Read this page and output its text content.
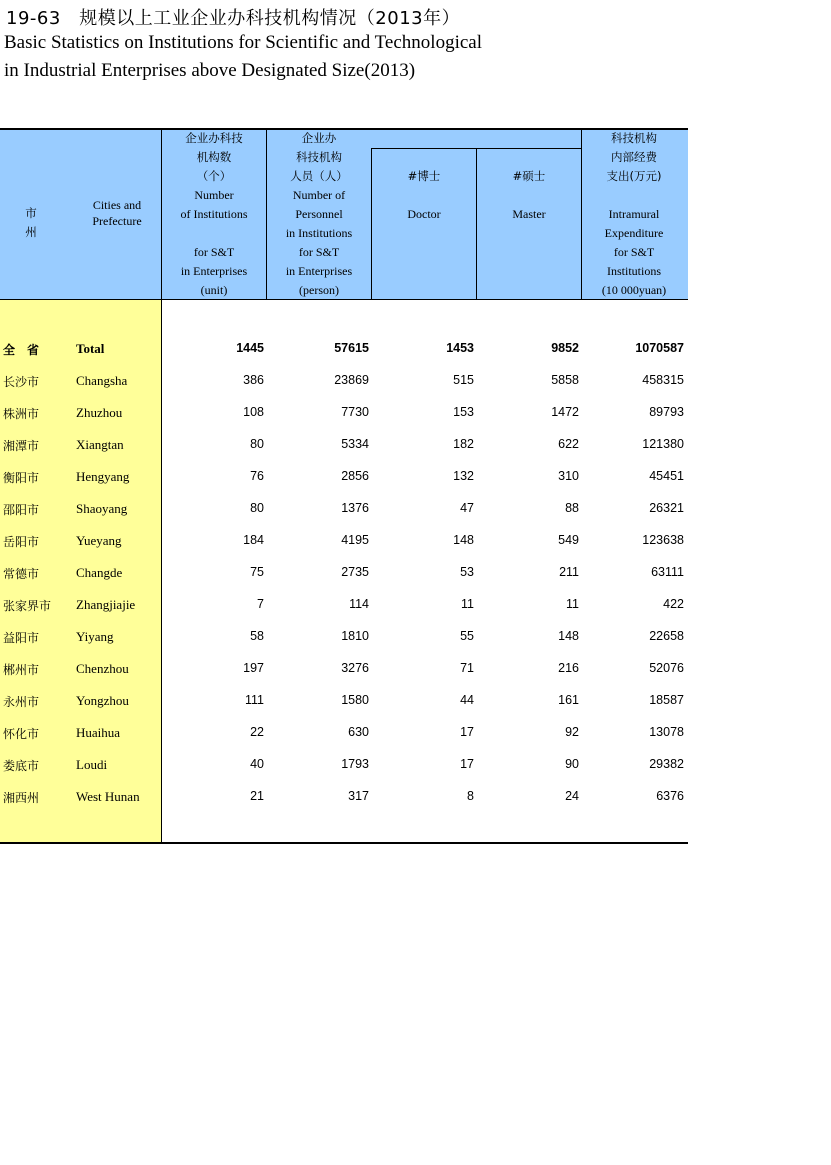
19-63　规模以上工业企业办科技机构情况（2013年）
Basic Statistics on Institutions for Scientific and Technological
in Industrial Enterprises above Designated Size(2013)
市　州
Cities and
Prefecture
企业办科技
机构数
（个）
Number
of Institutions
for S&T
in Enterprises
(unit)
企业办
科技机构
人员（人）
Number of
Personnel
in Institutions
for S&T
in Enterprises
(person)
#博士
Doctor
#硕士
Master
科技机构
内部经费
支出(万元)
Intramural
Expenditure
for S&T
Institutions
(10 000yuan)
全　省	Total	1445	57615	1453	9852	1070587
长沙市	Changsha	386	23869	515	5858	458315
株洲市	Zhuzhou	108	7730	153	1472	89793
湘潭市	Xiangtan	80	5334	182	622	121380
衡阳市	Hengyang	76	2856	132	310	45451
邵阳市	Shaoyang	80	1376	47	88	26321
岳阳市	Yueyang	184	4195	148	549	123638
常德市	Changde	75	2735	53	211	63111
张家界市 Zhangjiajie	7	114	11	11	422
益阳市	Yiyang	58	1810	55	148	22658
郴州市	Chenzhou	197	3276	71	216	52076
永州市	Yongzhou	111	1580	44	161	18587
怀化市	Huaihua	22	630	17	92	13078
娄底市	Loudi	40	1793	17	90	29382
湘西州	West Hunan	21	317	8	24	6376
